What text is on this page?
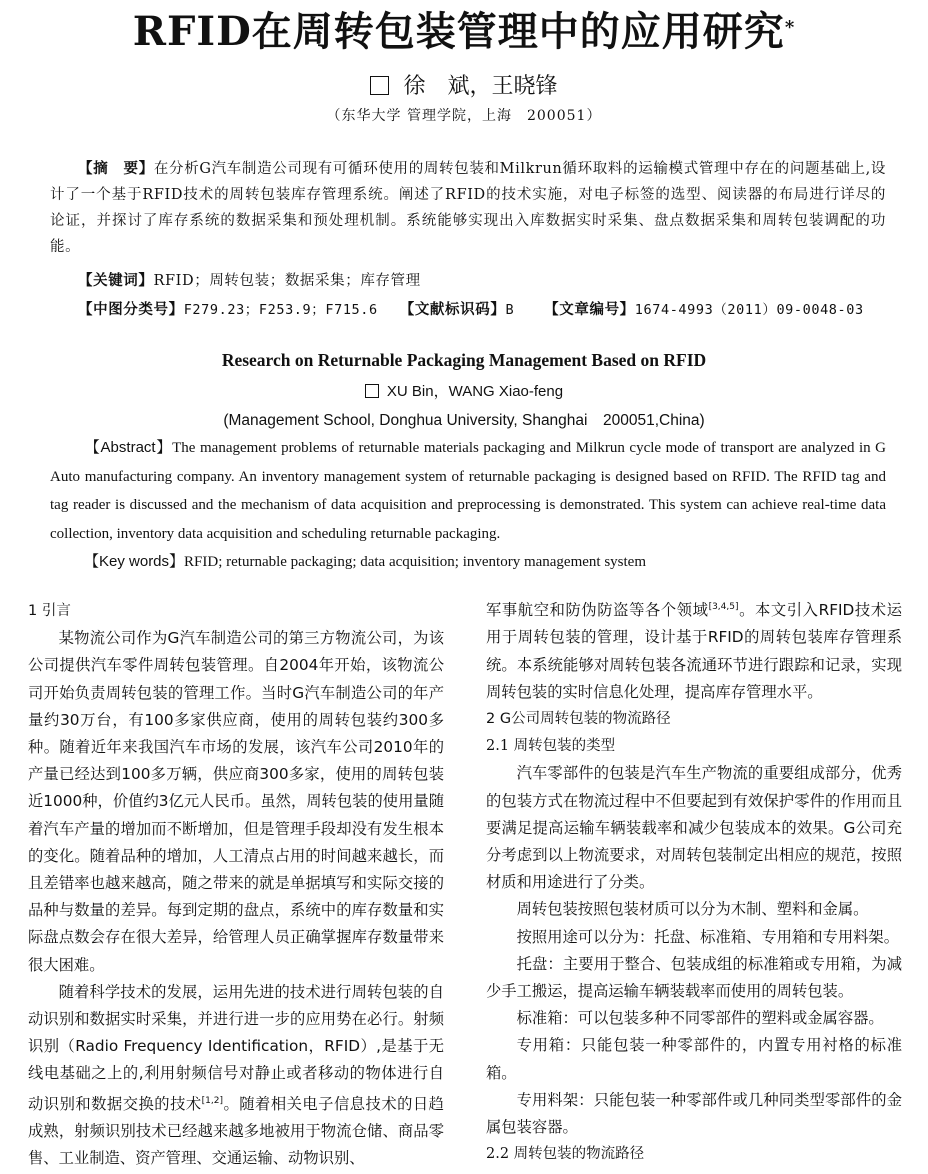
RFID在周转包装管理中的应用研究*
徐　斌，王晓锋
（东华大学 管理学院，上海　200051）
【摘　要】在分析G汽车制造公司现有可循环使用的周转包装和Milkrun循环取料的运输模式管理中存在的问题基础上,设计了一个基于RFID技术的周转包装库存管理系统。阐述了RFID的技术实施，对电子标签的选型、阅读器的布局进行详尽的论证，并探讨了库存系统的数据采集和预处理机制。系统能够实现出入库数据实时采集、盘点数据采集和周转包装调配的功能。
【关键词】RFID；周转包装；数据采集；库存管理
【中图分类号】F279.23；F253.9；F715.6 【文献标识码】B 【文章编号】1674-4993（2011）09-0048-03
Research on Returnable Packaging Management Based on RFID
XU Bin，WANG Xiao-feng
(Management School, Donghua University, Shanghai　200051,China)

【Abstract】The management problems of returnable materials packaging and Milkrun cycle mode of transport are analyzed in G Auto manufacturing company. An inventory management system of returnable packaging is designed based on RFID. The RFID tag and tag reader is discussed and the mechanism of data acquisition and preprocessing is demonstrated. This system can achieve real-time data collection, inventory data acquisition and scheduling returnable packaging.

【Key words】RFID; returnable packaging; data acquisition; inventory management system

1 引言

某物流公司作为G汽车制造公司的第三方物流公司，为该公司提供汽车零件周转包装管理。自2004年开始，该物流公司开始负责周转包装的管理工作。当时G汽车制造公司的年产量约30万台，有100多家供应商，使用的周转包装约300多种。随着近年来我国汽车市场的发展，该汽车公司2010年的产量已经达到100多万辆，供应商300多家，使用的周转包装近1000种，价值约3亿元人民币。虽然，周转包装的使用量随着汽车产量的增加而不断增加，但是管理手段却没有发生根本的变化。随着品种的增加，人工清点占用的时间越来越长，而且差错率也越来越高，随之带来的就是单据填写和实际交接的品种与数量的差异。每到定期的盘点，系统中的库存数量和实际盘点数会存在很大差异，给管理人员正确掌握库存数量带来很大困难。

随着科学技术的发展，运用先进的技术进行周转包装的自动识别和数据实时采集，并进行进一步的应用势在必行。射频识别（Radio Frequency Identification，RFID）,是基于无线电基础之上的,利用射频信号对静止或者移动的物体进行自动识别和数据交换的技术[1,2]。随着相关电子信息技术的日趋成熟，射频识别技术已经越来越多地被用于物流仓储、商品零售、工业制造、资产管理、交通运输、动物识别、

军事航空和防伪防盗等各个领域[3,4,5]。本文引入RFID技术运用于周转包装的管理，设计基于RFID的周转包装库存管理系统。本系统能够对周转包装各流通环节进行跟踪和记录，实现周转包装的实时信息化处理，提高库存管理水平。

2 G公司周转包装的物流路径

2.1 周转包装的类型

汽车零部件的包装是汽车生产物流的重要组成部分，优秀的包装方式在物流过程中不但要起到有效保护零件的作用而且要满足提高运输车辆装载率和减少包装成本的效果。G公司充分考虑到以上物流要求，对周转包装制定出相应的规范，按照材质和用途进行了分类。

周转包装按照包装材质可以分为木制、塑料和金属。

按照用途可以分为：托盘、标准箱、专用箱和专用料架。

托盘：主要用于整合、包装成组的标准箱或专用箱，为减少手工搬运，提高运输车辆装载率而使用的周转包装。

标准箱：可以包装多种不同零部件的塑料或金属容器。

专用箱：只能包装一种零部件的，内置专用衬格的标准箱。

专用料架：只能包装一种零部件或几种同类型零部件的金属包装容器。

2.2 周转包装的物流路径
